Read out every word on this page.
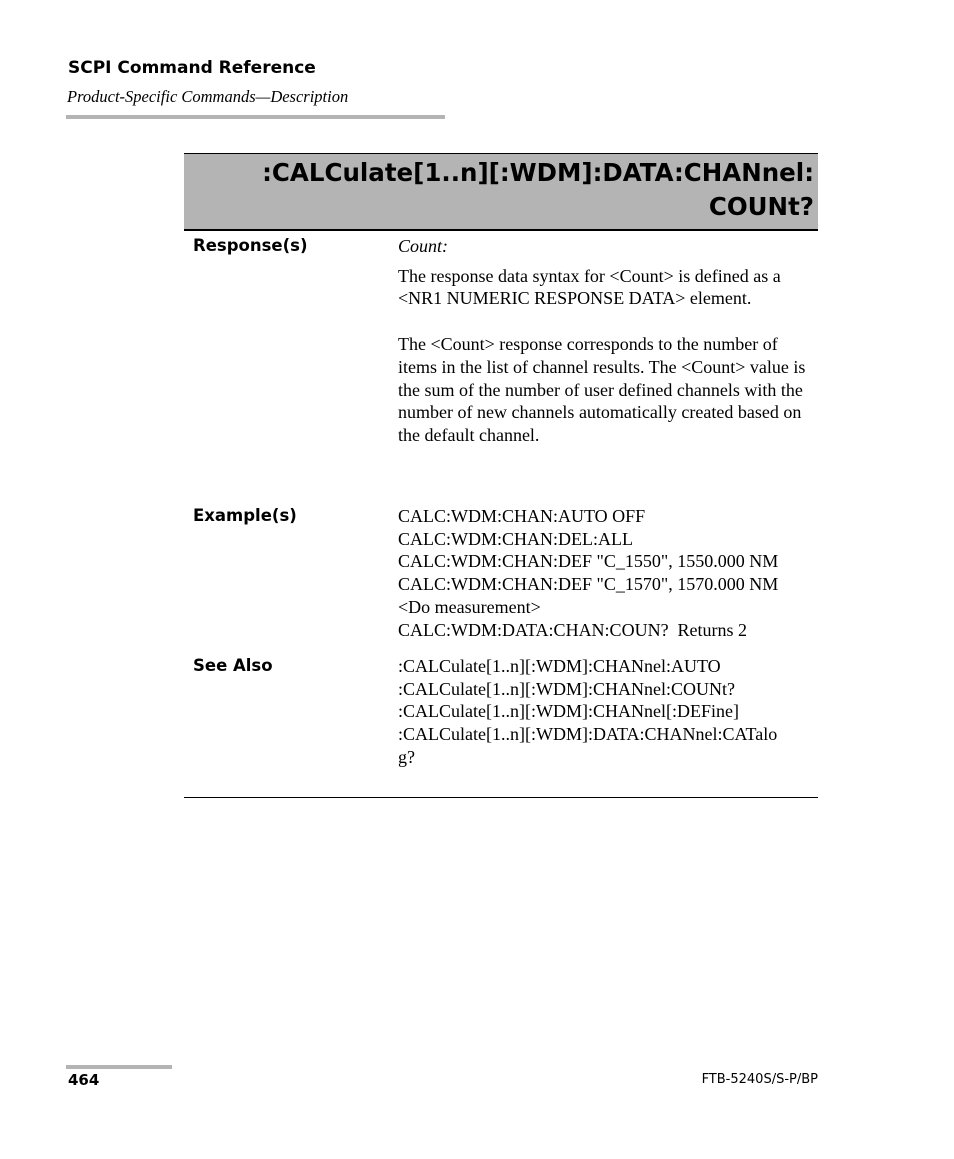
SCPI Command Reference
Product-Specific Commands—Description
:CALCulate[1..n][:WDM]:DATA:CHANnel:
COUNt?
Response(s)	Count:

The response data syntax for <Count> is defined as a <NR1 NUMERIC RESPONSE DATA> element.

The <Count> response corresponds to the number of items in the list of channel results. The <Count> value is the sum of the number of user defined channels with the number of new channels automatically created based on the default channel.

Example(s)	CALC:WDM:CHAN:AUTO OFF
CALC:WDM:CHAN:DEL:ALL
CALC:WDM:CHAN:DEF "C_1550", 1550.000 NM
CALC:WDM:CHAN:DEF "C_1570", 1570.000 NM
<Do measurement>
CALC:WDM:DATA:CHAN:COUN?  Returns 2
See Also	:CALCulate[1..n][:WDM]:CHANnel:AUTO
:CALCulate[1..n][:WDM]:CHANnel:COUNt?
:CALCulate[1..n][:WDM]:CHANnel[:DEFine]
:CALCulate[1..n][:WDM]:DATA:CHANnel:CATalo
g?
464	FTB-5240S/S-P/BP
